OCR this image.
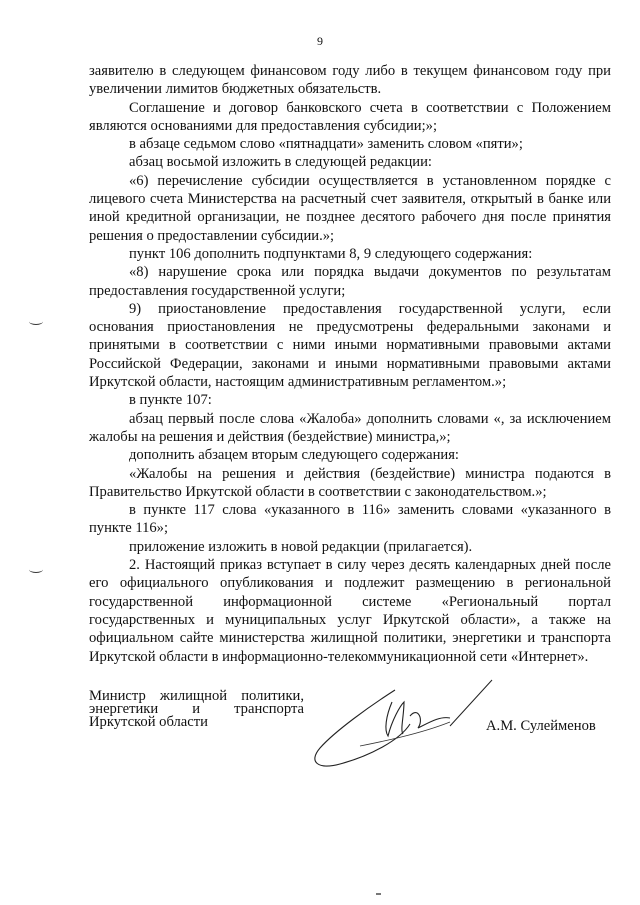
9

заявителю в следующем финансовом году либо в текущем финансовом году при увеличении лимитов бюджетных обязательств.

Соглашение и договор банковского счета в соответствии с Положением являются основаниями для предоставления субсидии;»;

в абзаце седьмом слово «пятнадцати» заменить словом «пяти»;

абзац восьмой изложить в следующей редакции:

«6) перечисление субсидии осуществляется в установленном порядке с лицевого счета Министерства на расчетный счет заявителя, открытый в банке или иной кредитной организации, не позднее десятого рабочего дня после принятия решения о предоставлении субсидии.»;

пункт 106 дополнить подпунктами 8, 9 следующего содержания:

«8) нарушение срока или порядка выдачи документов по результатам предоставления государственной услуги;

9) приостановление предоставления государственной услуги, если основания приостановления не предусмотрены федеральными законами и принятыми в соответствии с ними иными нормативными правовыми актами Российской Федерации, законами и иными нормативными правовыми актами Иркутской области, настоящим административным регламентом.»;

в пункте 107:

абзац первый после слова «Жалоба» дополнить словами «, за исключением жалобы на решения и действия (бездействие) министра,»;

дополнить абзацем вторым следующего содержания:

«Жалобы на решения и действия (бездействие) министра подаются в Правительство Иркутской области в соответствии с законодательством.»;

в пункте 117 слова «указанного в 116» заменить словами «указанного в пункте 116»;

приложение изложить в новой редакции (прилагается).

2. Настоящий приказ вступает в силу через десять календарных дней после его официального опубликования и подлежит размещению в региональной государственной информационной системе «Региональный портал государственных и муниципальных услуг Иркутской области», а также на официальном сайте министерства жилищной политики, энергетики и транспорта Иркутской области в информационно-телекоммуникационной сети «Интернет».

Министр жилищной политики,
энергетики и транспорта
Иркутской области	А.М. Сулейменов
